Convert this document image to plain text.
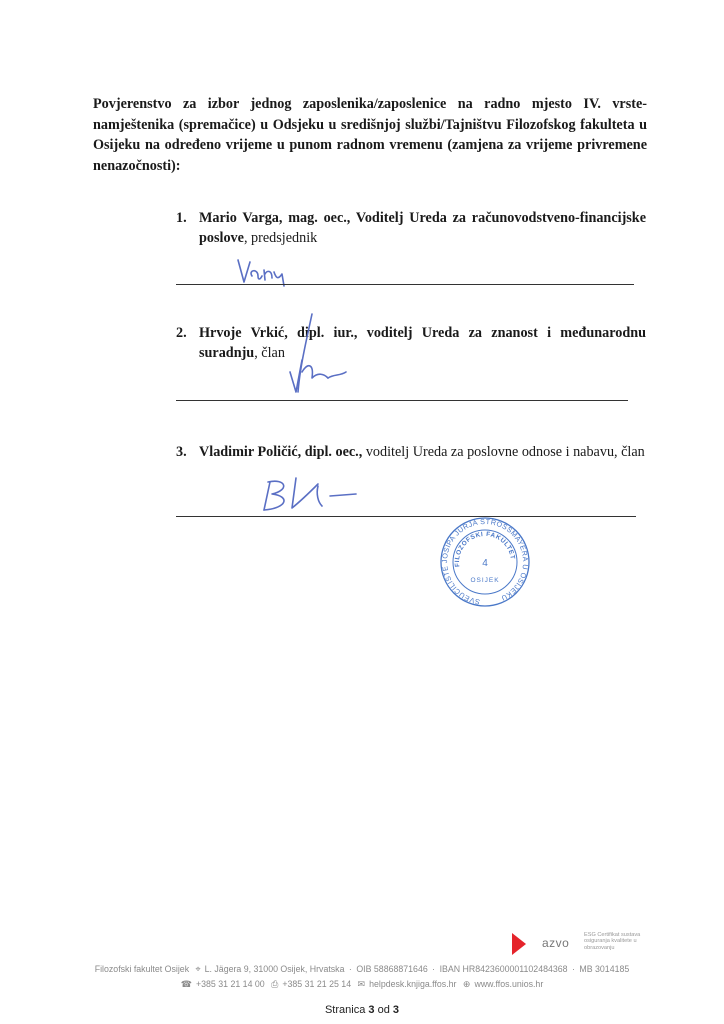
Povjerenstvo za izbor jednog zaposlenika/zaposlenice na radno mjesto IV. vrste- namještenika (spremačice) u Odsjeku u središnjoj službi/Tajništvu Filozofskog fakulteta u Osijeku na određeno vrijeme u punom radnom vremenu (zamjena za vrijeme privremene nenazočnosti):

1. Mario Varga, mag. oec., Voditelj Ureda za računovodstveno-financijske poslove, predsjednik
2. Hrvoje Vrkić, dipl. iur., voditelj Ureda za znanost i međunarodnu suradnju, član
3. Vladimir Poličić, dipl. oec., voditelj Ureda za poslovne odnose i nabavu, član
SVEUČILIŠTE JOSIPA JURJA STROSSMAYERA U OSIJEKU
FILOZOFSKI FAKULTET
4
OSIJEK
azvo
ESG Certifikat sustava osiguranja kvalitete u obrazovanju
Filozofski fakultet Osijek ⌖ L. Jägera 9, 31000 Osijek, Hrvatska · OIB 58868871646 · IBAN HR8423600001102484368 · MB 3014185
☎ +385 31 21 14 00 ⎙ +385 31 21 25 14 ✉ helpdesk.knjiga.ffos.hr ⊕ www.ffos.unios.hr
Stranica 3 od 3
